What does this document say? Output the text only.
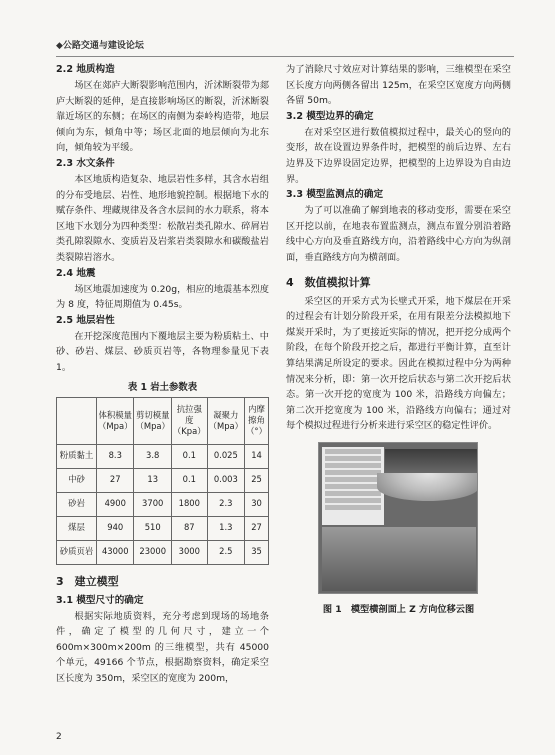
◆公路交通与建设论坛
2.2 地质构造
场区在郯庐大断裂影响范围内，沂沭断裂带为郯庐大断裂的延伸，是直接影响场区的断裂，沂沭断裂靠近场区的东侧；在场区的南侧为泰岭构造带，地层倾向为东，倾角中等；场区北面的地层倾向为北东向，倾角较为平缓。
2.3 水文条件
本区地质构造复杂、地层岩性多样，其含水岩组的分布受地层、岩性、地形地貌控制。根据地下水的赋存条件、埋藏规律及各含水层间的水力联系，将本区地下水划分为四种类型：松散岩类孔隙水、碎屑岩类孔隙裂隙水、变质岩及岩浆岩类裂隙水和碳酸盐岩类裂隙岩溶水。
2.4 地震
场区地震加速度为 0.20g，相应的地震基本烈度为 8 度，特征周期值为 0.45s。
2.5 地层岩性
在开挖深度范围内下覆地层主要为粉质粘土、中砂、砂岩、煤层、砂质页岩等，各物理参量见下表 1。
表 1 岩土参数表
	体积模量（Mpa）	剪切模量（Mpa）	抗拉强度（Kpa）	凝聚力（Mpa）	内摩擦角（°）
粉质黏土	8.3	3.8	0.1	0.025	14
中砂	27	13	0.1	0.003	25
砂岩	4900	3700	1800	2.3	30
煤层	940	510	87	1.3	27
砂质页岩	43000	23000	3000	2.5	35
3　建立模型
3.1 模型尺寸的确定
根据实际地质资料，充分考虑到现场的场地条件，确定了模型的几何尺寸，建立一个 600m×300m×200m 的三维模型，共有 45000 个单元，49166 个节点，根据勘察资料，确定采空区长度为 350m，采空区的宽度为 200m，
为了消除尺寸效应对计算结果的影响，三维模型在采空区长度方向两侧各留出 125m，在采空区宽度方向两侧各留 50m。
3.2 模型边界的确定
在对采空区进行数值模拟过程中，最关心的竖向的变形，故在设置边界条件时，把模型的前后边界、左右边界及下边界设固定边界，把模型的上边界设为自由边界。
3.3 模型监测点的确定
为了可以准确了解到地表的移动变形，需要在采空区开挖以前，在地表布置监测点，测点布置分别沿着路线中心方向及垂直路线方向，沿着路线中心方向为纵剖面，垂直路线方向为横剖面。
4　数值模拟计算
采空区的开采方式为长壁式开采，地下煤层在开采的过程会有计划分阶段开采，在用有限差分法模拟地下煤炭开采时，为了更接近实际的情况，把开挖分成两个阶段，在每个阶段开挖之后，都进行平衡计算，直至计算结果满足所设定的要求。因此在模拟过程中分为两种情况来分析，即：第一次开挖后状态与第二次开挖后状态。第一次开挖的宽度为 100 米，沿路线方向偏左；第二次开挖宽度为 100 米，沿路线方向偏右；通过对每个模拟过程进行分析来进行采空区的稳定性评价。
图 1　模型横剖面上 Z 方向位移云图
2
